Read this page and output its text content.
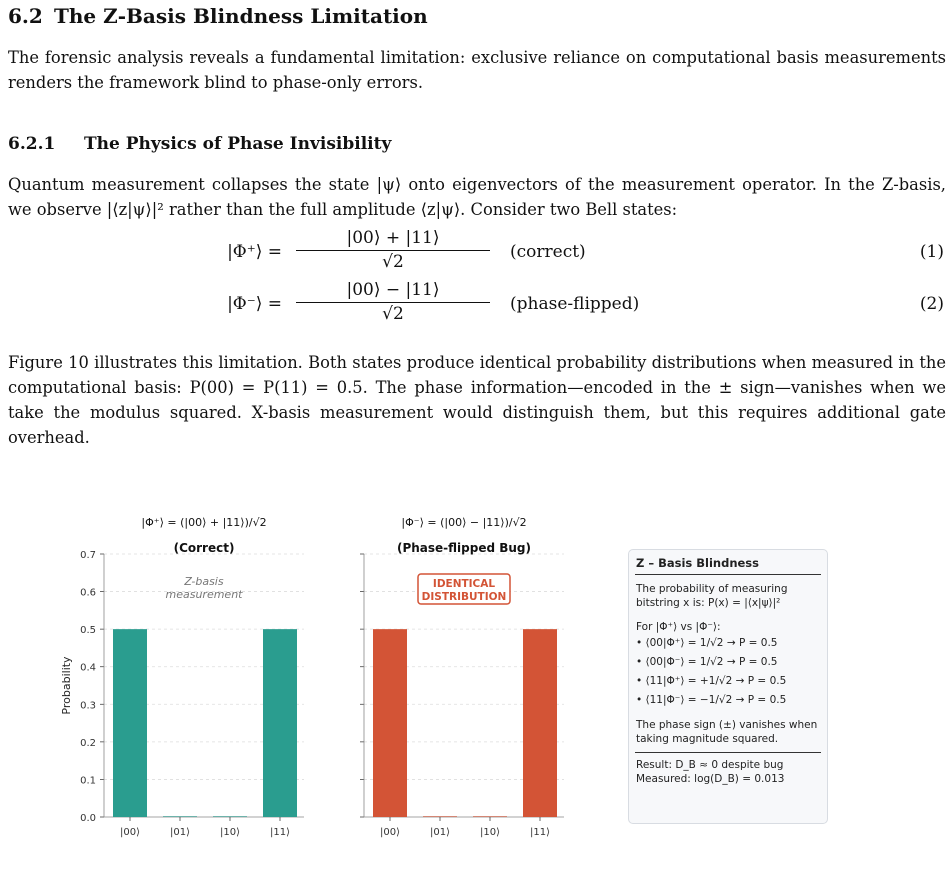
6.2 The Z-Basis Blindness Limitation

The forensic analysis reveals a fundamental limitation: exclusive reliance on computational basis measurements renders the framework blind to phase-only errors.

6.2.1 The Physics of Phase Invisibility

Quantum measurement collapses the state |ψ⟩ onto eigenvectors of the measurement operator. In the Z-basis, we observe |⟨z|ψ⟩|² rather than the full amplitude ⟨z|ψ⟩. Consider two Bell states:

|Φ⁺⟩ = $\frac{|00⟩ + |11⟩}{√2}$ (correct)	(1)
|Φ⁻⟩ = $\frac{|00⟩ - |11⟩}{√2}$ (phase-flipped)	(2)

Figure 10 illustrates this limitation. Both states produce identical probability distributions when measured in the computational basis: P(00) = P(11) = 0.5. The phase information—encoded in the ± sign—vanishes when we take the modulus squared. X-basis measurement would distinguish them, but this requires additional gate overhead.

0.0
0.1
0.2
0.3
0.4
0.5
0.6
0.7
|00⟩	|01⟩	|10⟩	|11⟩
|Φ⁺⟩ = (|00⟩ + |11⟩)/√2
(Correct)
Z-basis
measurement
Probability
|00⟩	|01⟩	|10⟩	|11⟩
|Φ⁻⟩ = (|00⟩ − |11⟩)/√2
(Phase-flipped Bug)
IDENTICAL
DISTRIBUTION
Z – Basis Blindness
The probability of measuring bitstring x is: P(x) = |⟨x|ψ⟩|²
For |Φ⁺⟩ vs |Φ⁻⟩:
• ⟨00|Φ⁺⟩ = 1/√2 → P = 0.5
• ⟨00|Φ⁻⟩ = 1/√2 → P = 0.5
• ⟨11|Φ⁺⟩ = +1/√2 → P = 0.5
• ⟨11|Φ⁻⟩ = −1/√2 → P = 0.5
The phase sign (±) vanishes when taking magnitude squared.
Result: D_B ≈ 0 despite bug
Measured: log(D_B) = 0.013
